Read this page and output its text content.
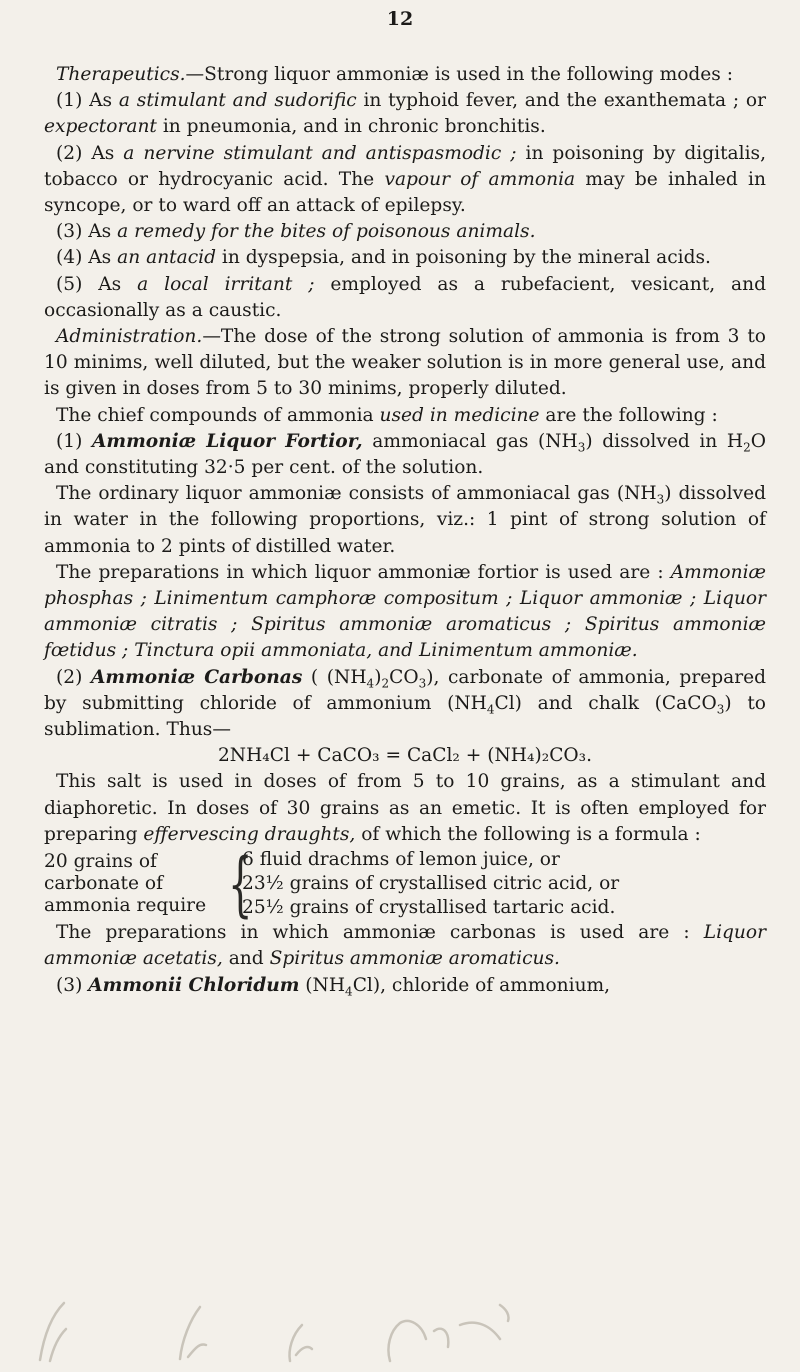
12

Therapeutics.—Strong liquor ammoniæ is used in the following modes :

(1) As a stimulant and sudorific in typhoid fever, and the exanthemata ; or expectorant in pneumonia, and in chronic bronchitis.

(2) As a nervine stimulant and antispasmodic ; in poisoning by digitalis, tobacco or hydrocyanic acid. The vapour of ammonia may be inhaled in syncope, or to ward off an attack of epilepsy.

(3) As a remedy for the bites of poisonous animals.

(4) As an antacid in dyspepsia, and in poisoning by the mineral acids.

(5) As a local irritant ; employed as a rubefacient, vesicant, and occasionally as a caustic.

Administration.—The dose of the strong solution of ammonia is from 3 to 10 minims, well diluted, but the weaker solution is in more general use, and is given in doses from 5 to 30 minims, properly diluted.

The chief compounds of ammonia used in medicine are the following :

(1) Ammoniæ Liquor Fortior, ammoniacal gas $(NH_3)$ dissolved in $H_2O$ and constituting 32·5 per cent. of the solution.

The ordinary liquor ammoniæ consists of ammoniacal gas $(NH_3)$ dissolved in water in the following proportions, viz.: 1 pint of strong solution of ammonia to 2 pints of distilled water.

The preparations in which liquor ammoniæ fortior is used are : Ammoniæ phosphas ; Linimentum camphoræ compositum ; Liquor ammoniæ ; Liquor ammoniæ citratis ; Spiritus ammoniæ aromaticus ; Spiritus ammoniæ fœtidus ; Tinctura opii ammoniata, and Linimentum ammoniæ.

(2) Ammoniæ Carbonas ( $(NH_4)_2CO_3$), carbonate of ammonia, prepared by submitting chloride of ammonium $(NH_4Cl)$ and chalk (CaCO$_3$) to sublimation. Thus—

2NH₄Cl + CaCO₃ = CaCl₂ + (NH₄)₂CO₃.

This salt is used in doses of from 5 to 10 grains, as a stimulant and diaphoretic. In doses of 30 grains as an emetic. It is often employed for preparing effervescing draughts, of which the following is a formula :

20 grains of carbonate of ammonia require {
6 fluid drachms of lemon juice, or
23½ grains of crystallised citric acid, or
25½ grains of crystallised tartaric acid.

The preparations in which ammoniæ carbonas is used are : Liquor ammoniæ acetatis, and Spiritus ammoniæ aromaticus.

(3) Ammonii Chloridum $(NH_4Cl)$, chloride of ammonium,
